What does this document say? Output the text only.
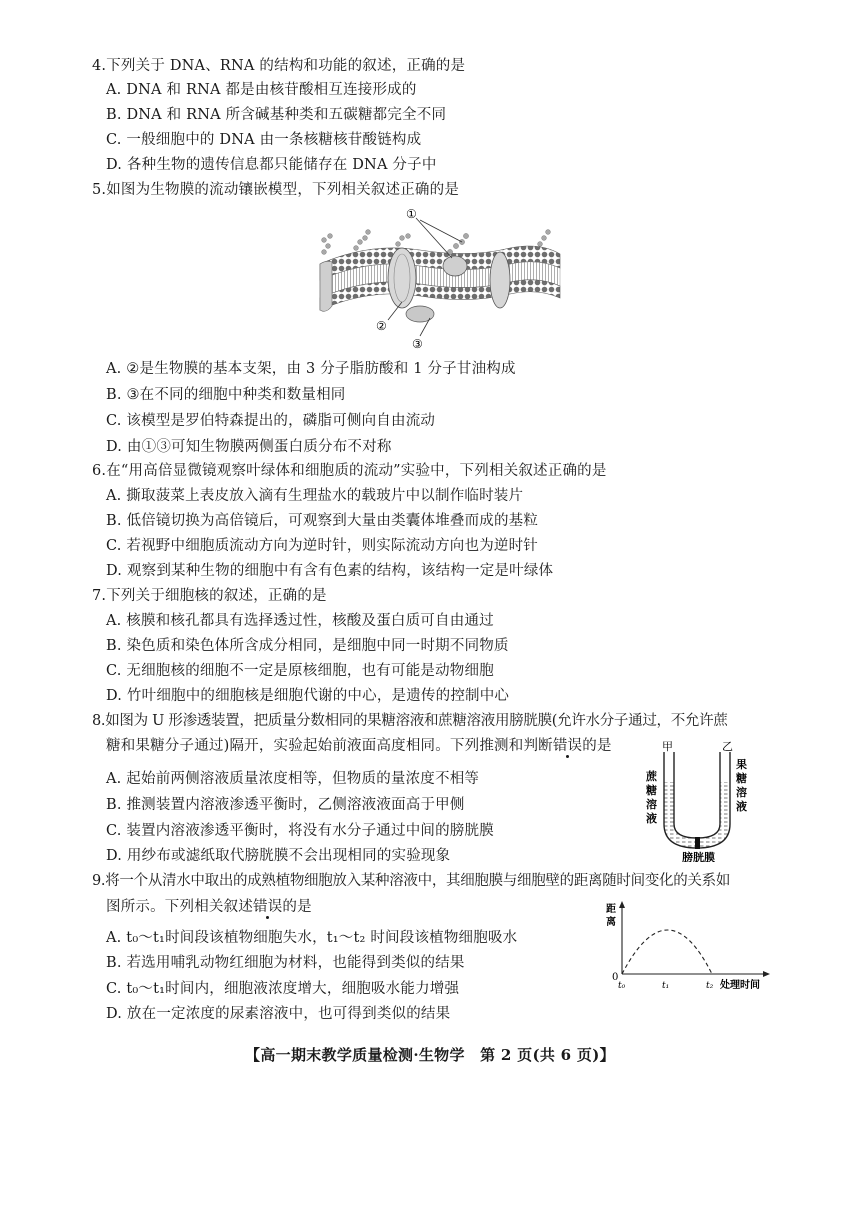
4.下列关于 DNA、RNA 的结构和功能的叙述，正确的是
A. DNA 和 RNA 都是由核苷酸相互连接形成的
B. DNA 和 RNA 所含碱基种类和五碳糖都完全不同
C. 一般细胞中的 DNA 由一条核糖核苷酸链构成
D. 各种生物的遗传信息都只能储存在 DNA 分子中
5.如图为生物膜的流动镶嵌模型，下列相关叙述正确的是
①
②
③
A. ②是生物膜的基本支架，由 3 分子脂肪酸和 1 分子甘油构成
B. ③在不同的细胞中种类和数量相同
C. 该模型是罗伯特森提出的，磷脂可侧向自由流动
D. 由①③可知生物膜两侧蛋白质分布不对称
6.在“用高倍显微镜观察叶绿体和细胞质的流动”实验中，下列相关叙述正确的是
A. 撕取菠菜上表皮放入滴有生理盐水的载玻片中以制作临时装片
B. 低倍镜切换为高倍镜后，可观察到大量由类囊体堆叠而成的基粒
C. 若视野中细胞质流动方向为逆时针，则实际流动方向也为逆时针
D. 观察到某种生物的细胞中有含有色素的结构，该结构一定是叶绿体
7.下列关于细胞核的叙述，正确的是
A. 核膜和核孔都具有选择透过性，核酸及蛋白质可自由通过
B. 染色质和染色体所含成分相同，是细胞中同一时期不同物质
C. 无细胞核的细胞不一定是原核细胞，也有可能是动物细胞
D. 竹叶细胞中的细胞核是细胞代谢的中心，是遗传的控制中心
8.如图为 U 形渗透装置，把质量分数相同的果糖溶液和蔗糖溶液用膀胱膜(允许水分子通过，不允许蔗
糖和果糖分子通过)隔开，实验起始前液面高度相同。下列推测和判断错误的是	甲	乙
蔗
糖
溶
液
果
糖
溶
液
膀胱膜
A. 起始前两侧溶液质量浓度相等，但物质的量浓度不相等
B. 推测装置内溶液渗透平衡时，乙侧溶液液面高于甲侧
C. 装置内溶液渗透平衡时，将没有水分子通过中间的膀胱膜
D. 用纱布或滤纸取代膀胱膜不会出现相同的实验现象
9.将一个从清水中取出的成熟植物细胞放入某种溶液中，其细胞膜与细胞壁的距离随时间变化的关系如
图所示。下列相关叙述错误的是	距
离
0
t₀	t₁	t₂ 处理时间
A. t₀～t₁时间段该植物细胞失水，t₁～t₂ 时间段该植物细胞吸水
B. 若选用哺乳动物红细胞为材料，也能得到类似的结果
C. t₀～t₁时间内，细胞液浓度增大，细胞吸水能力增强
D. 放在一定浓度的尿素溶液中，也可得到类似的结果
【高一期末教学质量检测·生物学　第 2 页(共 6 页)】
